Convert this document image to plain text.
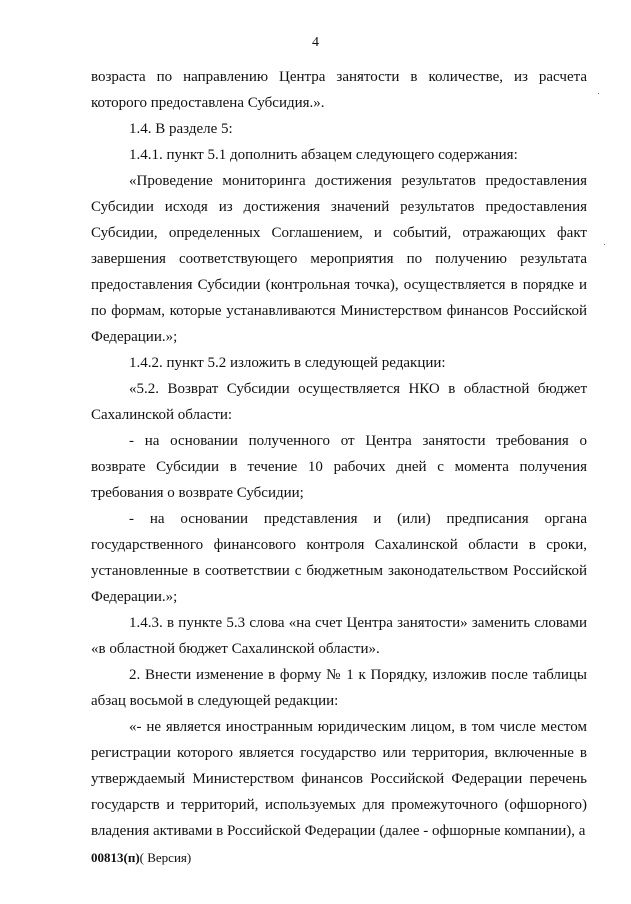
4

возраста по направлению Центра занятости в количестве, из расчета которого предоставлена Субсидия.».

1.4. В разделе 5:

1.4.1. пункт 5.1 дополнить абзацем следующего содержания:

«Проведение мониторинга достижения результатов предоставления Субсидии исходя из достижения значений результатов предоставления Субсидии, определенных Соглашением, и событий, отражающих факт завершения соответствующего мероприятия по получению результата предоставления Субсидии (контрольная точка), осуществляется в порядке и по формам, которые устанавливаются Министерством финансов Российской Федерации.»;

1.4.2. пункт 5.2 изложить в следующей редакции:

«5.2. Возврат Субсидии осуществляется НКО в областной бюджет Сахалинской области:

- на основании полученного от Центра занятости требования о возврате Субсидии в течение 10 рабочих дней с момента получения требования о возврате Субсидии;

- на основании представления и (или) предписания органа государственного финансового контроля Сахалинской области в сроки, установленные в соответствии с бюджетным законодательством Российской Федерации.»;

1.4.3. в пункте 5.3 слова «на счет Центра занятости» заменить словами «в областной бюджет Сахалинской области».

2. Внести изменение в форму № 1 к Порядку, изложив после таблицы абзац восьмой в следующей редакции:

«- не является иностранным юридическим лицом, в том числе местом регистрации которого является государство или территория, включенные в утверждаемый Министерством финансов Российской Федерации перечень государств и территорий, используемых для промежуточного (офшорного) владения активами в Российской Федерации (далее - офшорные компании), а

00813(п)( Версия)
